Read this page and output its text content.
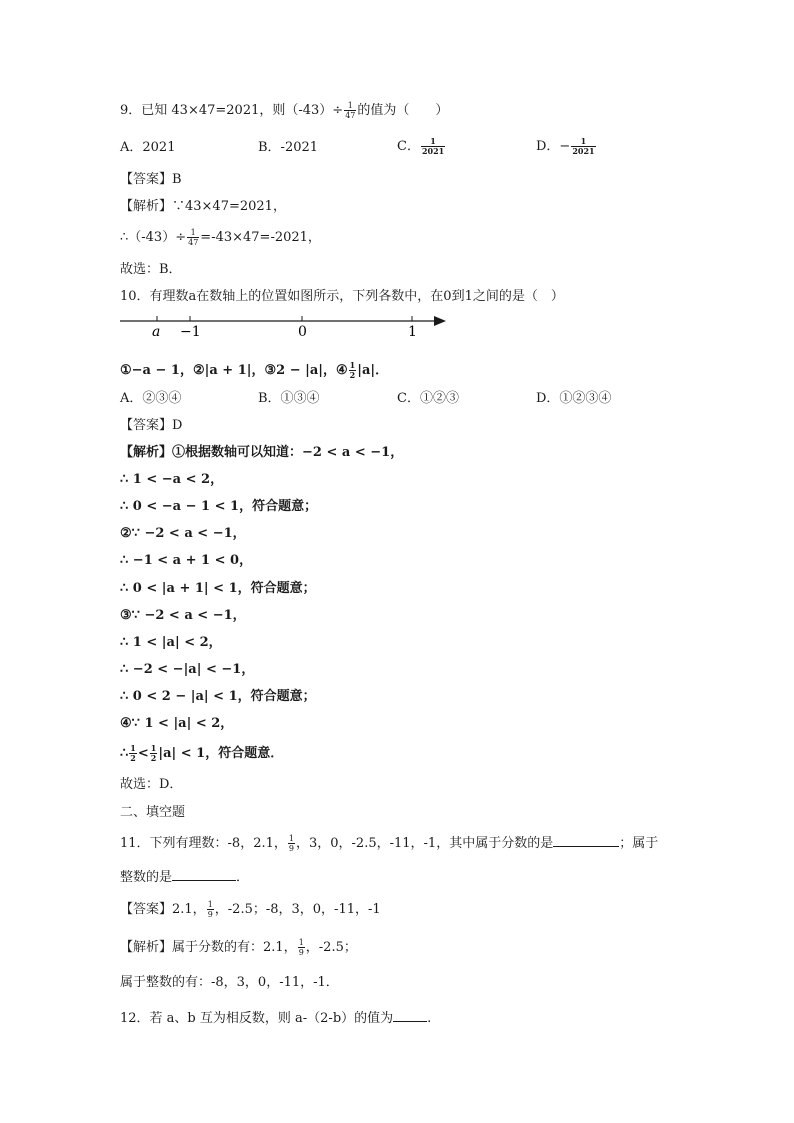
9．已知 43×47=2021，则$(-43)\div \frac{1}{47}$ 的值为（　　）
A．2021	B．-2021	C． $\frac{1}{2021}$	D．− $\frac{1}{2021}$
【答案】B
【解析】∵43×47=2021，
∴（-43）÷ $\frac{1}{47} =-43\times 47=-2021$，
故选：B．
10．有理数a在数轴上的位置如图所示，下列各数中，在0到1之间的是（　）
a −1	0	1
①−a − 1，②|a + 1|，③2 − |a|，④ $\frac{1}{2} |a|$．
A．②③④	B．①③④	C．①②③	D．①②③④
【答案】D
【解析】①根据数轴可以知道：−2 < a < −1，
∴ 1 < −a < 2，
∴ 0 < −a − 1 < 1，符合题意；
②∵ −2 < a < −1，
∴ −1 < a + 1 < 0，
∴ 0 < |a + 1| < 1，符合题意；
③∵ −2 < a < −1，
∴ 1 < |a| < 2，
∴ −2 < −|a| < −1，
∴ 0 < 2 − |a| < 1，符合题意；
④∵ 1 < |a| < 2，
∴ $\frac{1}{2} < \frac{1}{2} |a| < 1$，符合题意．
故选：D．
二、填空题
11．下列有理数：-8，2.1， $\frac{1}{9}$ ，3，0，-2.5，-11，-1，其中属于分数的是	；属于
整数的是	．
【答案】2.1， $\frac{1}{9}$ ，-2.5；-8，3，0，-11，-1
【解析】属于分数的有：2.1， $\frac{1}{9}$ ，-2.5；
属于整数的有：-8，3，0，-11，-1．
12．若 a、b 互为相反数，则 a-（2-b）的值为	.
